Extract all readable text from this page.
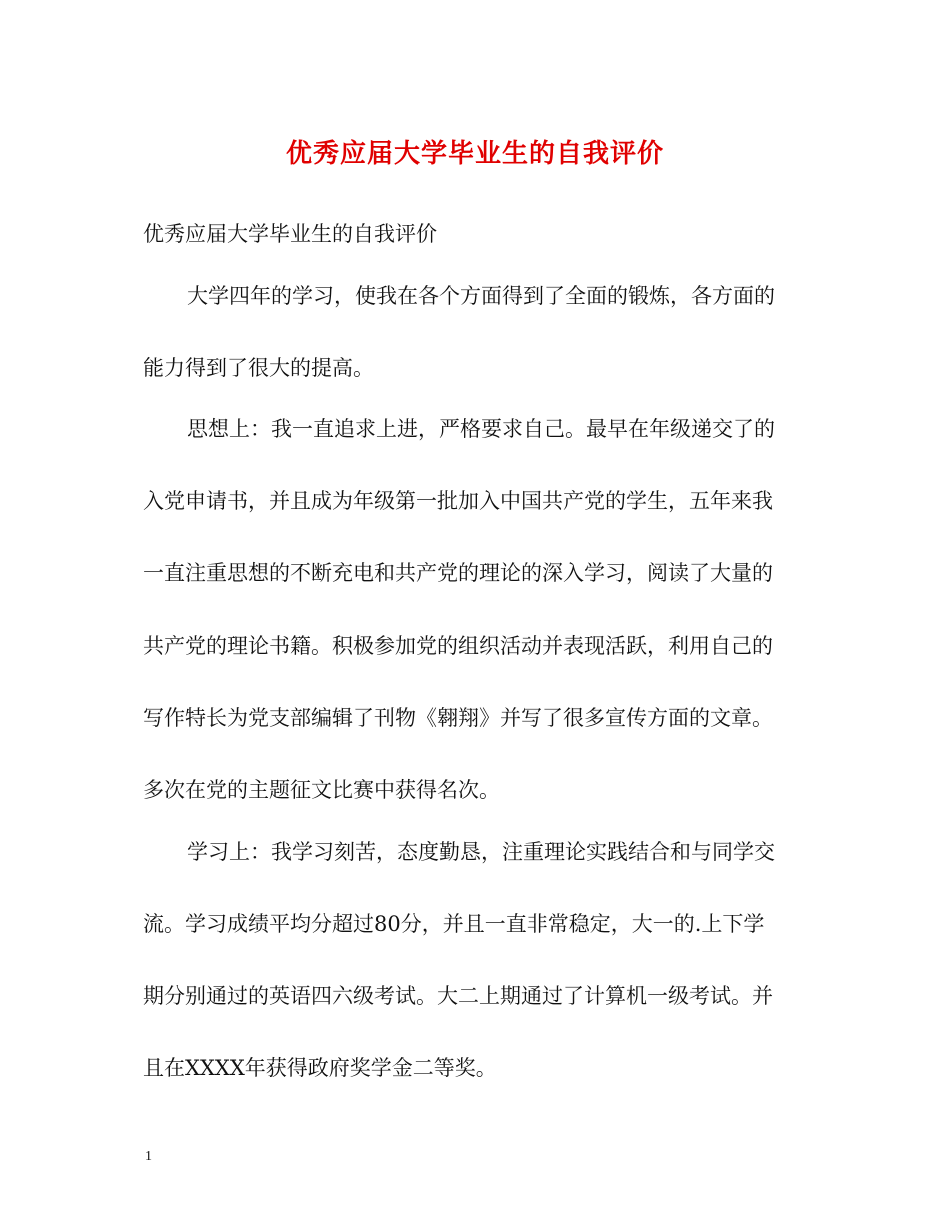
优秀应届大学毕业生的自我评价
优秀应届大学毕业生的自我评价
大学四年的学习，使我在各个方面得到了全面的锻炼，各方面的
能力得到了很大的提高。
思想上：我一直追求上进，严格要求自己。最早在年级递交了的
入党申请书，并且成为年级第一批加入中国共产党的学生，五年来我
一直注重思想的不断充电和共产党的理论的深入学习，阅读了大量的
共产党的理论书籍。积极参加党的组织活动并表现活跃，利用自己的
写作特长为党支部编辑了刊物《翱翔》并写了很多宣传方面的文章。
多次在党的主题征文比赛中获得名次。
学习上：我学习刻苦，态度勤恳，注重理论实践结合和与同学交
流。学习成绩平均分超过80分，并且一直非常稳定，大一的.上下学
期分别通过的英语四六级考试。大二上期通过了计算机一级考试。并
且在XXXX年获得政府奖学金二等奖。
1
